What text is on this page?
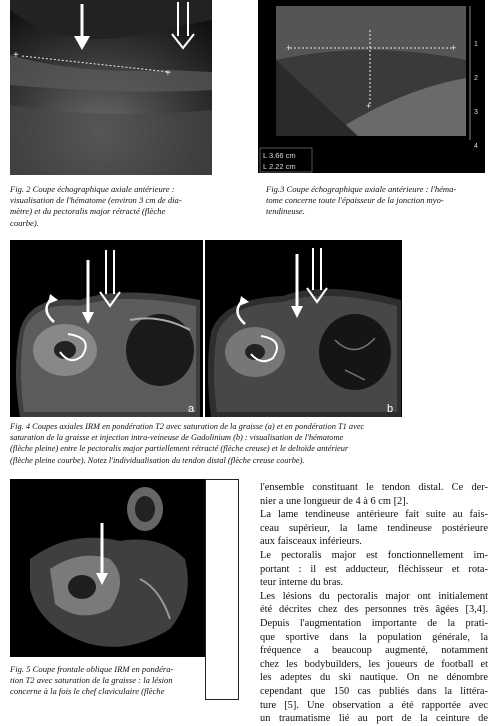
+
+
Fig. 2 Coupe échographique axiale antérieure :
visualisation de l'hématome (environ 3 cm de dia-
mètre) et du pectoralis major rétracté (flèche
courbe).
+	+
+
1
2
3
4
L 3.66 cm
L 2.22 cm
Fig.3 Coupe échographique axiale antérieure : l'héma-
tome concerne toute l'épaisseur de la jonction myo-
tendineuse.
a	b
Fig. 4 Coupes axiales IRM en pondération T2 avec saturation de la graisse (a) et en pondération T1 avec
saturation de la graisse et injection intra-veineuse de Gadolinium (b) : visualisation de l'hématome
(flèche pleine) entre le pectoralis major partiellement rétracté (flèche creuse) et le deltoïde antérieur
(flèche pleine courbe). Notez l'individualisation du tendon distal (flèche creuse courbe).
Fig. 5 Coupe frontale oblique IRM en pondéra-
tion T2 avec saturation de la graisse : la lésion
concerne à la fois le chef claviculaire (flèche

l'ensemble constituant le tendon distal. Ce der-
nier a une longueur de 4 à 6 cm [2].

La lame tendineuse antérieure fait suite au fais-
ceau supérieur, la lame tendineuse postérieure
aux faisceaux inférieurs.

Le pectoralis major est fonctionnellement im-
portant : il est adducteur, fléchisseur et rota-
teur interne du bras.

Les lésions du pectoralis major ont initialement
été décrites chez des personnes très âgées [3,4].
Depuis l'augmentation importante de la prati-
que sportive dans la population générale, la
fréquence a beaucoup augmenté, notamment
chez les bodybuilders, les joueurs de football et
les adeptes du ski nautique. On ne dénombre
cependant que 150 cas publiés dans la littéra-
ture [5]. Une observation a été rapportée avec
un traumatisme lié au port de la ceinture de
